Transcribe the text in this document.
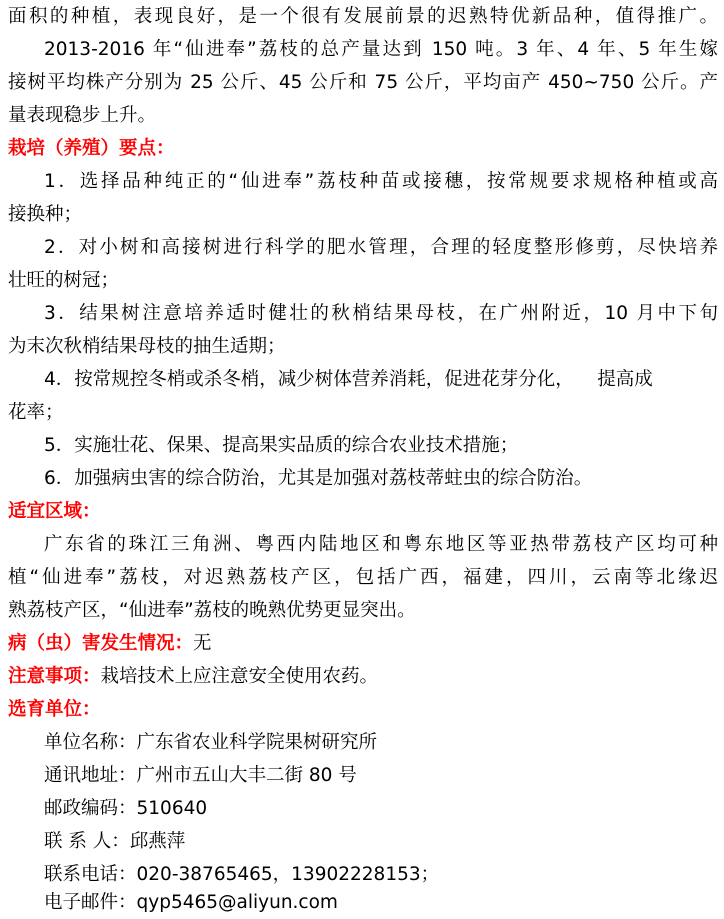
面积的种植，表现良好，是一个很有发展前景的迟熟特优新品种，值得推广。
2013-2016 年“仙进奉”荔枝的总产量达到 150 吨。3 年、4 年、5 年生嫁
接树平均株产分别为 25 公斤、45 公斤和 75 公斤，平均亩产 450~750 公斤。产
量表现稳步上升。
栽培（养殖）要点：
1．选择品种纯正的“仙进奉”荔枝种苗或接穗，按常规要求规格种植或高
接换种；
2．对小树和高接树进行科学的肥水管理，合理的轻度整形修剪，尽快培养
壮旺的树冠；
3．结果树注意培养适时健壮的秋梢结果母枝，在广州附近，10 月中下旬
为末次秋梢结果母枝的抽生适期；
4．按常规控冬梢或杀冬梢，减少树体营养消耗，促进花芽分化，    提高成
花率；
5．实施壮花、保果、提高果实品质的综合农业技术措施；
6．加强病虫害的综合防治，尤其是加强对荔枝蒂蛀虫的综合防治。
适宜区域：
广东省的珠江三角洲、粤西内陆地区和粤东地区等亚热带荔枝产区均可种
植“仙进奉”荔枝，对迟熟荔枝产区，包括广西，福建，四川，云南等北缘迟
熟荔枝产区，“仙进奉”荔枝的晚熟优势更显突出。
病（虫）害发生情况：无
注意事项：栽培技术上应注意安全使用农药。
选育单位：
单位名称：广东省农业科学院果树研究所
通讯地址：广州市五山大丰二街 80 号
邮政编码：510640
联 系 人：邱燕萍
联系电话：020-38765465，13902228153；
电子邮件：qyp5465@aliyun.com
